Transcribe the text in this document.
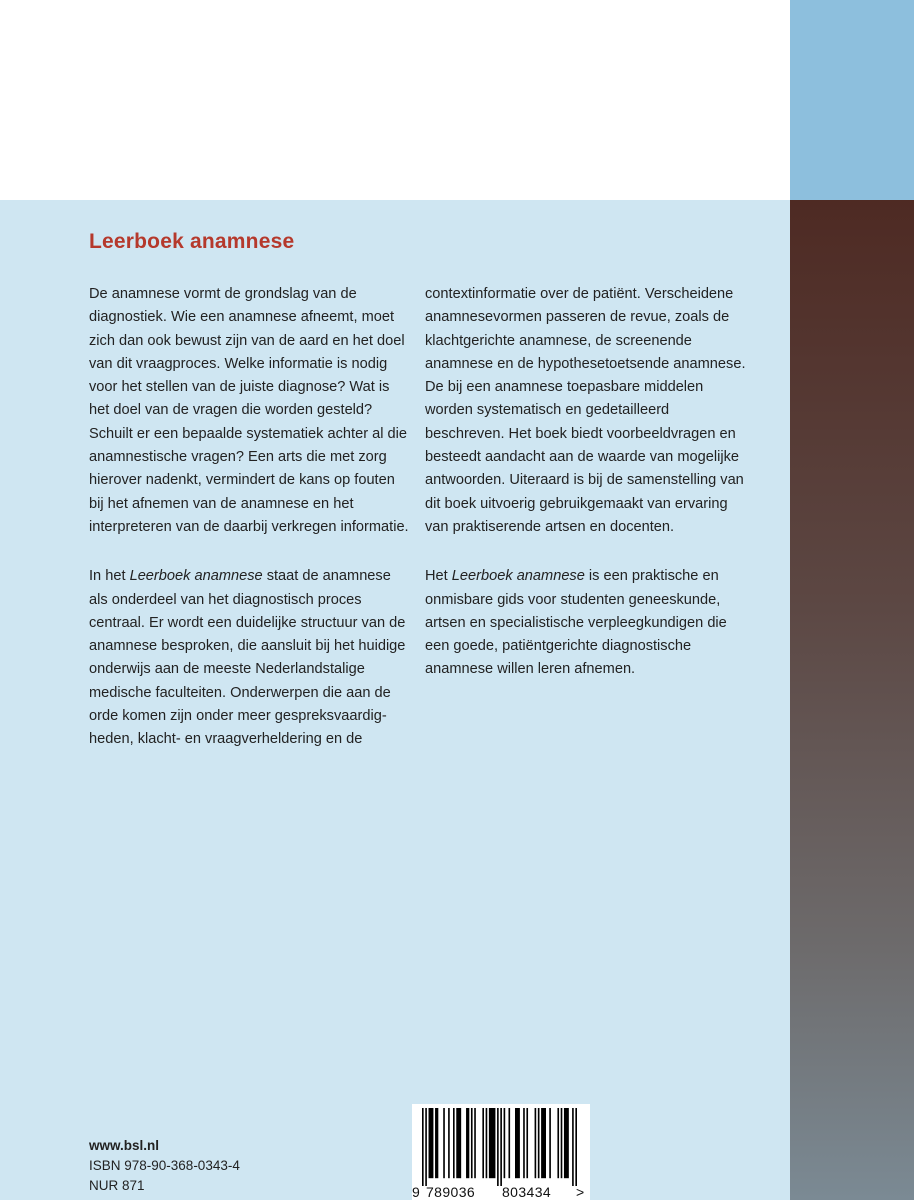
Leerboek anamnese

De anamnese vormt de grondslag van de diagnostiek. Wie een anamnese afneemt, moet zich dan ook bewust zijn van de aard en het doel van dit vraagproces. Welke informatie is nodig voor het stellen van de juiste diagnose? Wat is het doel van de vragen die worden gesteld? Schuilt er een bepaalde systematiek achter al die anamnestische vragen? Een arts die met zorg hierover nadenkt, vermindert de kans op fouten bij het afnemen van de anamnese en het interpreteren van de daarbij verkregen informatie.

In het Leerboek anamnese staat de anamnese als onderdeel van het diagnostisch proces centraal. Er wordt een duidelijke structuur van de anamnese besproken, die aansluit bij het huidige onderwijs aan de meeste Nederlandstalige medische faculteiten. Onderwerpen die aan de orde komen zijn onder meer gespreksvaardigheden, klacht- en vraagverheldering en de

contextinformatie over de patiënt. Verscheidene anamnesevormen passeren de revue, zoals de klachtgerichte anamnese, de screenende anamnese en de hypothesetoetsende anamnese. De bij een anamnese toepasbare middelen worden systematisch en gedetailleerd beschreven. Het boek biedt voorbeeldvragen en besteedt aandacht aan de waarde van mogelijke antwoorden. Uiteraard is bij de samenstelling van dit boek uitvoerig gebruikgemaakt van ervaring van praktiserende artsen en docenten.

Het Leerboek anamnese is een praktische en onmisbare gids voor studenten geneeskunde, artsen en specialistische verpleegkundigen die een goede, patiëntgerichte diagnostische anamnese willen leren afnemen.

www.bsl.nl
ISBN 978-90-368-0343-4
NUR 871	9 789036 803434 >
